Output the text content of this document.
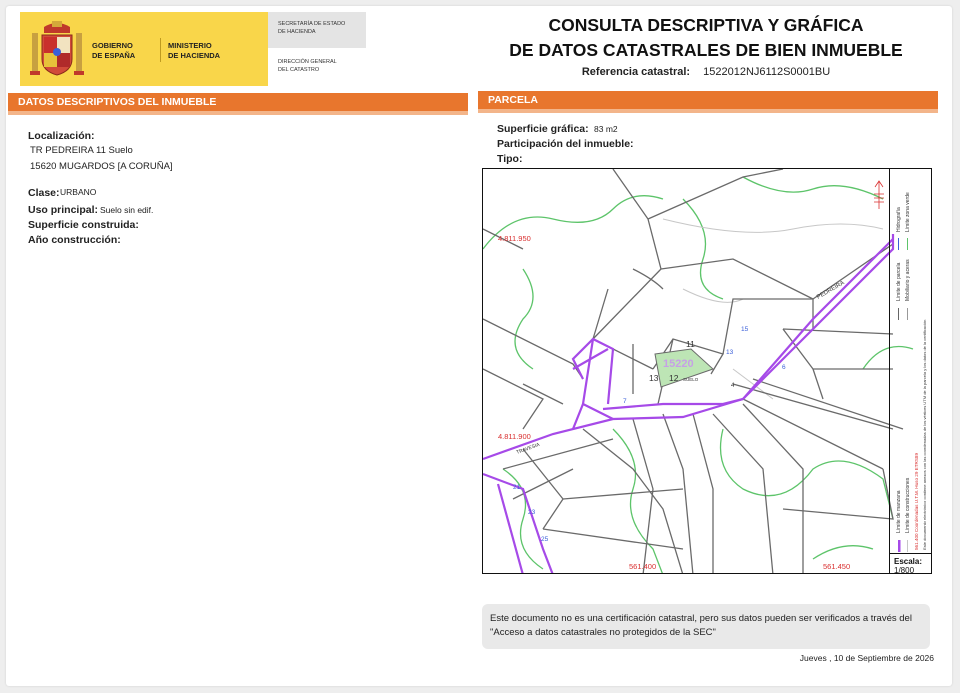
GOBIERNO
DE ESPAÑA
MINISTERIO
DE HACIENDA
SECRETARÍA DE ESTADO
DE HACIENDA
DIRECCIÓN GENERAL
DEL CATASTRO
CONSULTA DESCRIPTIVA Y GRÁFICA
DE DATOS CATASTRALES DE BIEN INMUEBLE
Referencia catastral: 1522012NJ6112S0001BU
DATOS DESCRIPTIVOS DEL INMUEBLE	PARCELA
Localización:
TR PEDREIRA 11 Suelo
15620 MUGARDOS [A CORUÑA]
Clase: URBANO
Uso principal: Suelo sin edif.
Superficie construida:
Año construcción:
Superficie gráfica: 83 m2
Participación del inmueble:
Tipo:
4.811.950
4.811.900
561.400	561.450
15220
11
12
13	SUELO
PEDREIRA
TRAVESIA
15
13
6
7
21
23
25
4
Límite de manzana Límite de construcciones
Límite de parcela Mobiliario y aceras
Hidrografía Límite zona verde
561.400 Coordenadas U.T.M. Huso 29 ETRS89 Este documento electrónico contiene anexos con las coordenadas de los vértices UTM de la parcela y los datos de la certificación
Escala:
1/800
Este documento no es una certificación catastral, pero sus datos pueden ser verificados a través del "Acceso a datos catastrales no protegidos de la SEC"
Jueves , 10 de Septiembre de 2026
